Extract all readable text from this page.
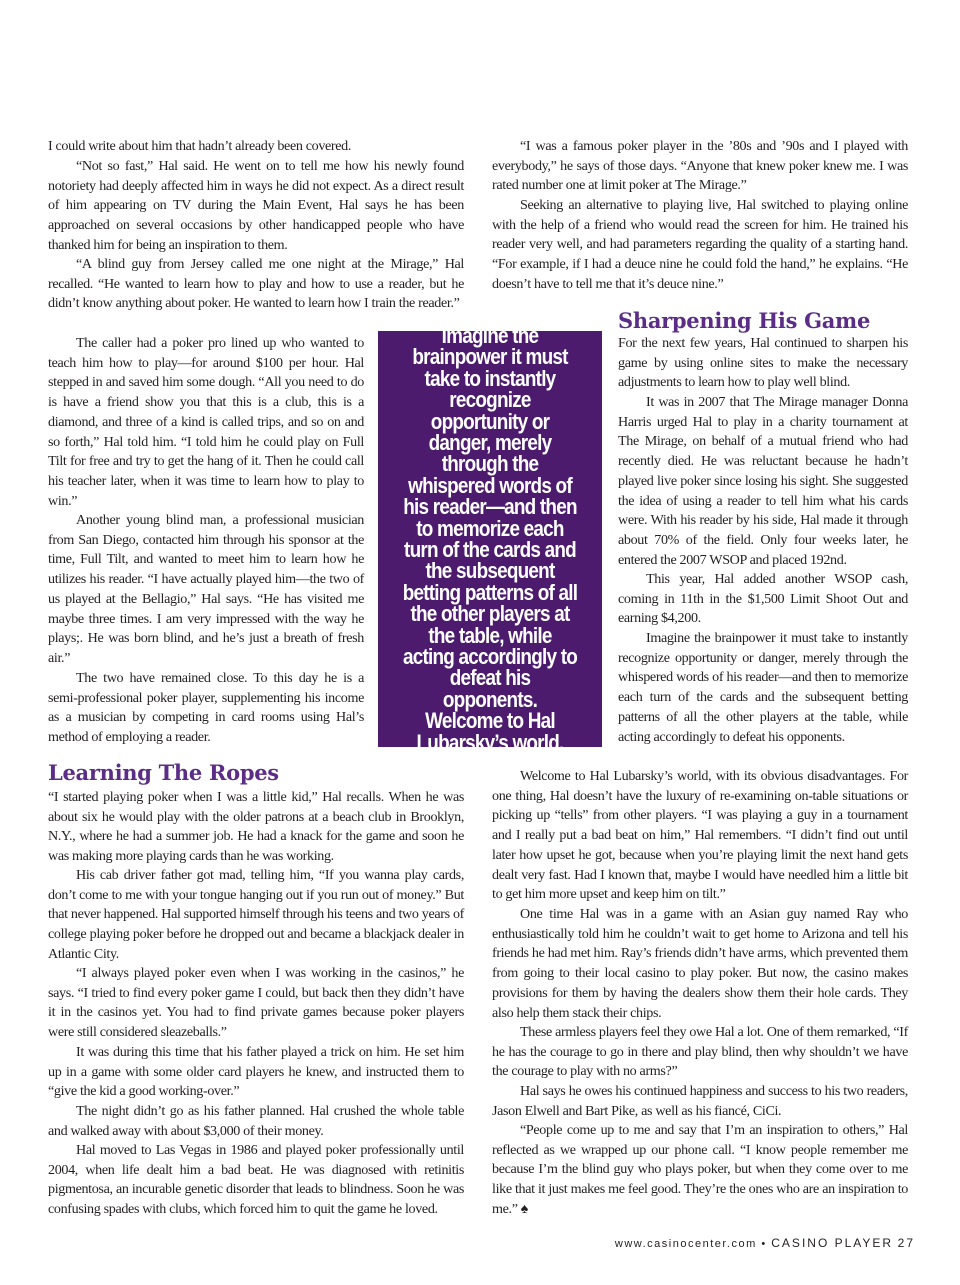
I could write about him that hadn’t already been covered.

“Not so fast,” Hal said. He went on to tell me how his newly found notoriety had deeply affected him in ways he did not expect. As a direct result of him appearing on TV during the Main Event, Hal says he has been approached on several occasions by other handicapped people who have thanked him for being an inspiration to them.

“A blind guy from Jersey called me one night at the Mirage,” Hal recalled. “He wanted to learn how to play and how to use a reader, but he didn’t know anything about poker. He wanted to learn how I train the reader.”

The caller had a poker pro lined up who wanted to teach him how to play—for around $100 per hour. Hal stepped in and saved him some dough. “All you need to do is have a friend show you that this is a club, this is a diamond, and three of a kind is called trips, and so on and so forth,” Hal told him. “I told him he could play on Full Tilt for free and try to get the hang of it. Then he could call his teacher later, when it was time to learn how to play to win.”

Another young blind man, a professional musician from San Diego, contacted him through his sponsor at the time, Full Tilt, and wanted to meet him to learn how he utilizes his reader. “I have actually played him—the two of us played at the Bellagio,” Hal says. “He has visited me maybe three times. I am very impressed with the way he plays;. He was born blind, and he’s just a breath of fresh air.”

The two have remained close. To this day he is a semi-professional poker player, supplementing his income as a musician by competing in card rooms using Hal’s method of employing a reader.

Learning The Ropes

“I started playing poker when I was a little kid,” Hal recalls. When he was about six he would play with the older patrons at a beach club in Brooklyn, N.Y., where he had a summer job. He had a knack for the game and soon he was making more playing cards than he was working.

His cab driver father got mad, telling him, “If you wanna play cards, don’t come to me with your tongue hanging out if you run out of money.” But that never happened. Hal supported himself through his teens and two years of college playing poker before he dropped out and became a blackjack dealer in Atlantic City.

“I always played poker even when I was working in the casinos,” he says. “I tried to find every poker game I could, but back then they didn’t have it in the casinos yet. You had to find private games because poker players were still considered sleazeballs.”

It was during this time that his father played a trick on him. He set him up in a game with some older card players he knew, and instructed them to “give the kid a good working-over.”

The night didn’t go as his father planned. Hal crushed the whole table and walked away with about $3,000 of their money.

Hal moved to Las Vegas in 1986 and played poker professionally until 2004, when life dealt him a bad beat. He was diagnosed with retinitis pigmentosa, an incurable genetic disorder that leads to blindness. Soon he was confusing spades with clubs, which forced him to quit the game he loved.

Imagine the brainpower it must take to instantly recognize opportunity or danger, merely through the whispered words of his reader—and then to memorize each turn of the cards and the subsequent betting patterns of all the other players at the table, while acting accordingly to defeat his opponents. Welcome to Hal Lubarsky’s world.

“I was a famous poker player in the ’80s and ’90s and I played with everybody,” he says of those days. “Anyone that knew poker knew me. I was rated number one at limit poker at The Mirage.”

Seeking an alternative to playing live, Hal switched to playing online with the help of a friend who would read the screen for him. He trained his reader very well, and had parameters regarding the quality of a starting hand. “For example, if I had a deuce nine he could fold the hand,” he explains. “He doesn’t have to tell me that it’s deuce nine.”

Sharpening His Game

For the next few years, Hal continued to sharpen his game by using online sites to make the necessary adjustments to learn how to play well blind.

It was in 2007 that The Mirage manager Donna Harris urged Hal to play in a charity tournament at The Mirage, on behalf of a mutual friend who had recently died. He was reluctant because he hadn’t played live poker since losing his sight. She suggested the idea of using a reader to tell him what his cards were. With his reader by his side, Hal made it through about 70% of the field. Only four weeks later, he entered the 2007 WSOP and placed 192nd.

This year, Hal added another WSOP cash, coming in 11th in the $1,500 Limit Shoot Out and earning $4,200.

Imagine the brainpower it must take to instantly recognize opportunity or danger, merely through the whispered words of his reader—and then to memorize each turn of the cards and the subsequent betting patterns of all the other players at the table, while acting accordingly to defeat his opponents.

Welcome to Hal Lubarsky’s world, with its obvious disadvantages. For one thing, Hal doesn’t have the luxury of re-examining on-table situations or picking up “tells” from other players. “I was playing a guy in a tournament and I really put a bad beat on him,” Hal remembers. “I didn’t find out until later how upset he got, because when you’re playing limit the next hand gets dealt very fast. Had I known that, maybe I would have needled him a little bit to get him more upset and keep him on tilt.”

One time Hal was in a game with an Asian guy named Ray who enthusiastically told him he couldn’t wait to get home to Arizona and tell his friends he had met him. Ray’s friends didn’t have arms, which prevented them from going to their local casino to play poker. But now, the casino makes provisions for them by having the dealers show them their hole cards. They also help them stack their chips.

These armless players feel they owe Hal a lot. One of them remarked, “If he has the courage to go in there and play blind, then why shouldn’t we have the courage to play with no arms?”

Hal says he owes his continued happiness and success to his two readers, Jason Elwell and Bart Pike, as well as his fiancé, CiCi.

“People come up to me and say that I’m an inspiration to others,” Hal reflected as we wrapped up our phone call. “I know people remember me because I’m the blind guy who plays poker, but when they come over to me like that it just makes me feel good. They’re the ones who are an inspiration to me.” ♠

www.casinocenter.com • CASINO PLAYER 27
